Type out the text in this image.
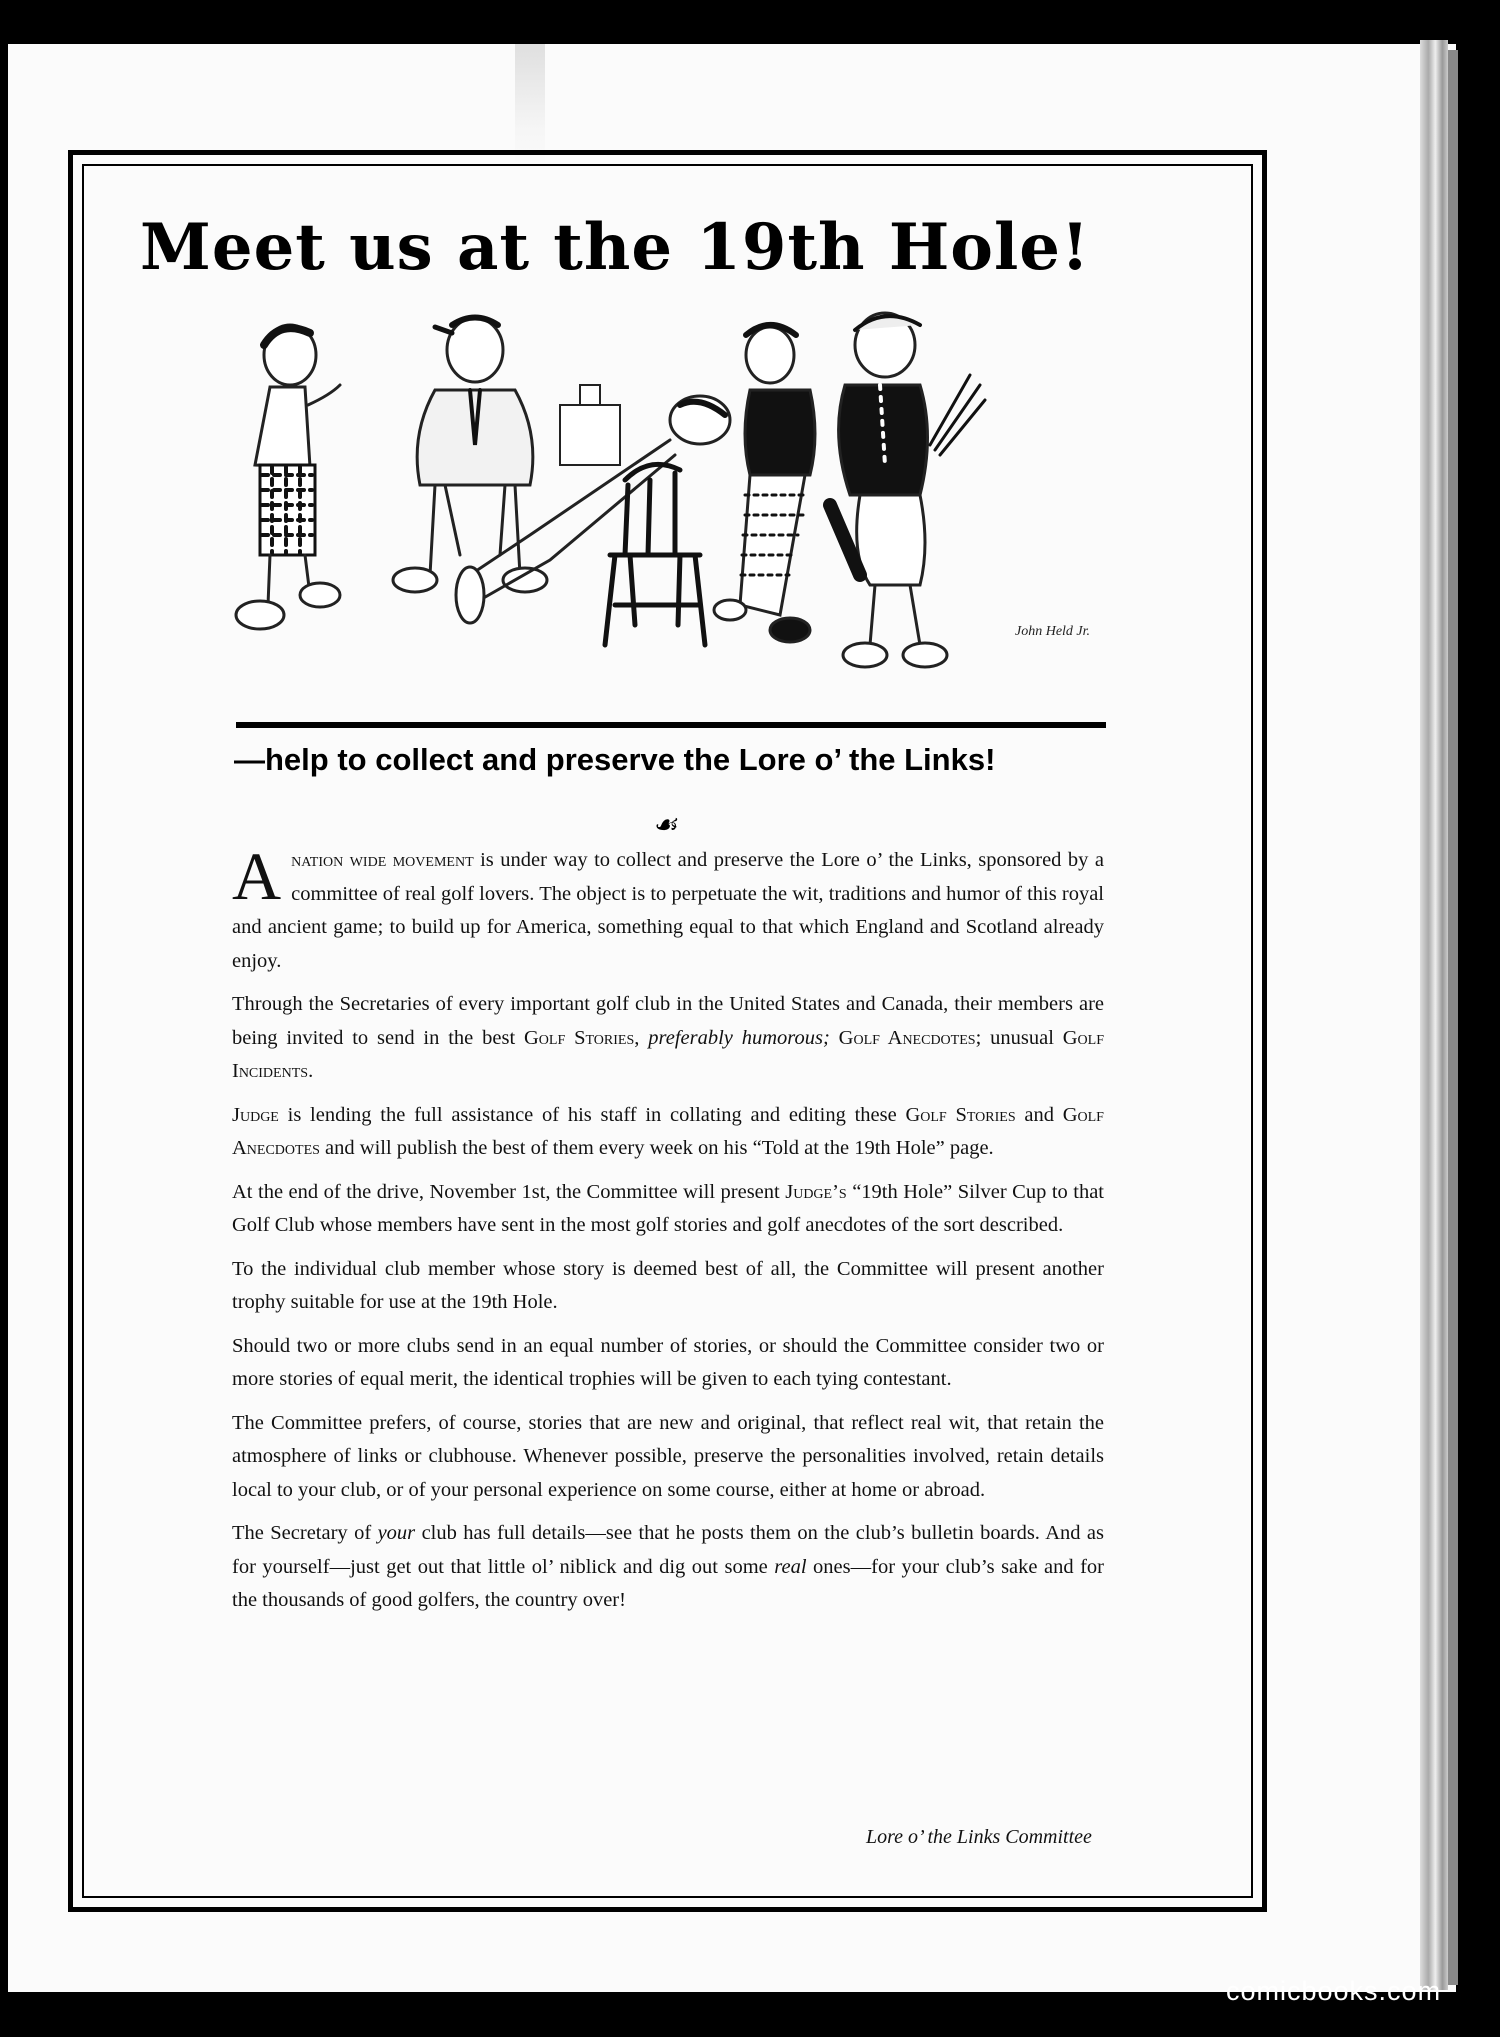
Meet us at the 19th Hole!
John Held Jr.
—help to collect and preserve the Lore o’ the Links!
☙

Anation wide movement is under way to collect and preserve the Lore o’ the Links, sponsored by a committee of real golf lovers. The object is to perpetuate the wit, traditions and humor of this royal and ancient game; to build up for America, something equal to that which England and Scotland already enjoy.

Through the Secretaries of every important golf club in the United States and Canada, their members are being invited to send in the best Golf Stories, preferably humorous; Golf Anecdotes; unusual Golf Incidents.

Judge is lending the full assistance of his staff in collating and editing these Golf Stories and Golf Anecdotes and will publish the best of them every week on his “Told at the 19th Hole” page.

At the end of the drive, November 1st, the Committee will present Judge’s “19th Hole” Silver Cup to that Golf Club whose members have sent in the most golf stories and golf anecdotes of the sort described.

To the individual club member whose story is deemed best of all, the Committee will present another trophy suitable for use at the 19th Hole.

Should two or more clubs send in an equal number of stories, or should the Committee consider two or more stories of equal merit, the identical trophies will be given to each tying contestant.

The Committee prefers, of course, stories that are new and original, that reflect real wit, that retain the atmosphere of links or clubhouse. Whenever possible, preserve the personalities involved, retain details local to your club, or of your personal experience on some course, either at home or abroad.

The Secretary of your club has full details—see that he posts them on the club’s bulletin boards. And as for yourself—just get out that little ol’ niblick and dig out some real ones—for your club’s sake and for the thousands of good golfers, the country over!

Lore o’ the Links Committee
comicbooks.com
